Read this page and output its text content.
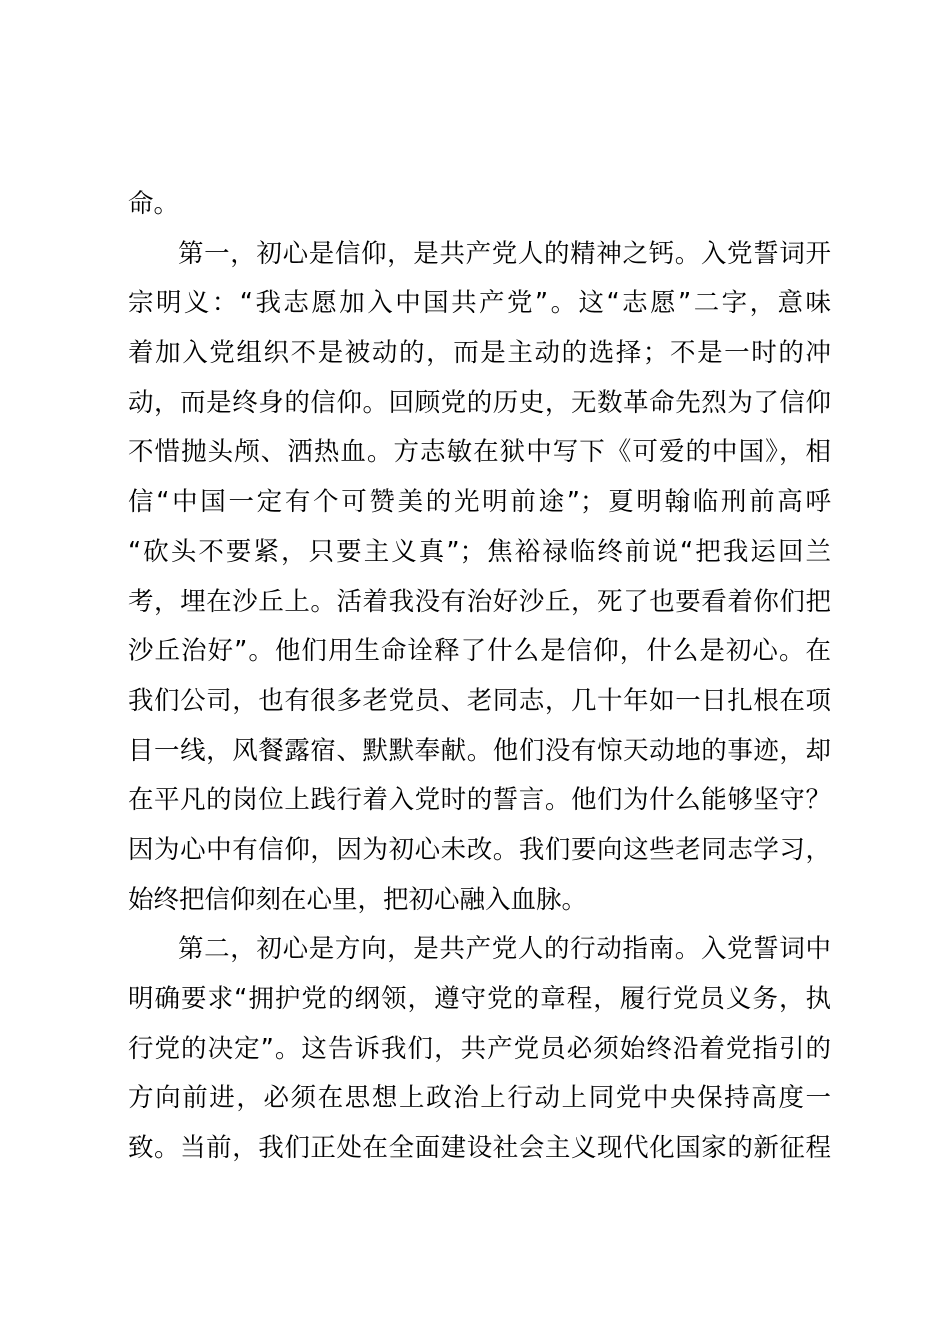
命。
第一，初心是信仰，是共产党人的精神之钙。入党誓词开
宗明义：“我志愿加入中国共产党”。这“志愿”二字，意味
着加入党组织不是被动的，而是主动的选择；不是一时的冲
动，而是终身的信仰。回顾党的历史，无数革命先烈为了信仰
不惜抛头颅、洒热血。方志敏在狱中写下《可爱的中国》，相
信“中国一定有个可赞美的光明前途”；夏明翰临刑前高呼
“砍头不要紧，只要主义真”；焦裕禄临终前说“把我运回兰
考，埋在沙丘上。活着我没有治好沙丘，死了也要看着你们把
沙丘治好”。他们用生命诠释了什么是信仰，什么是初心。在
我们公司，也有很多老党员、老同志，几十年如一日扎根在项
目一线，风餐露宿、默默奉献。他们没有惊天动地的事迹，却
在平凡的岗位上践行着入党时的誓言。他们为什么能够坚守？
因为心中有信仰，因为初心未改。我们要向这些老同志学习，
始终把信仰刻在心里，把初心融入血脉。
第二，初心是方向，是共产党人的行动指南。入党誓词中
明确要求“拥护党的纲领，遵守党的章程，履行党员义务，执
行党的决定”。这告诉我们，共产党员必须始终沿着党指引的
方向前进，必须在思想上政治上行动上同党中央保持高度一
致。当前，我们正处在全面建设社会主义现代化国家的新征程
